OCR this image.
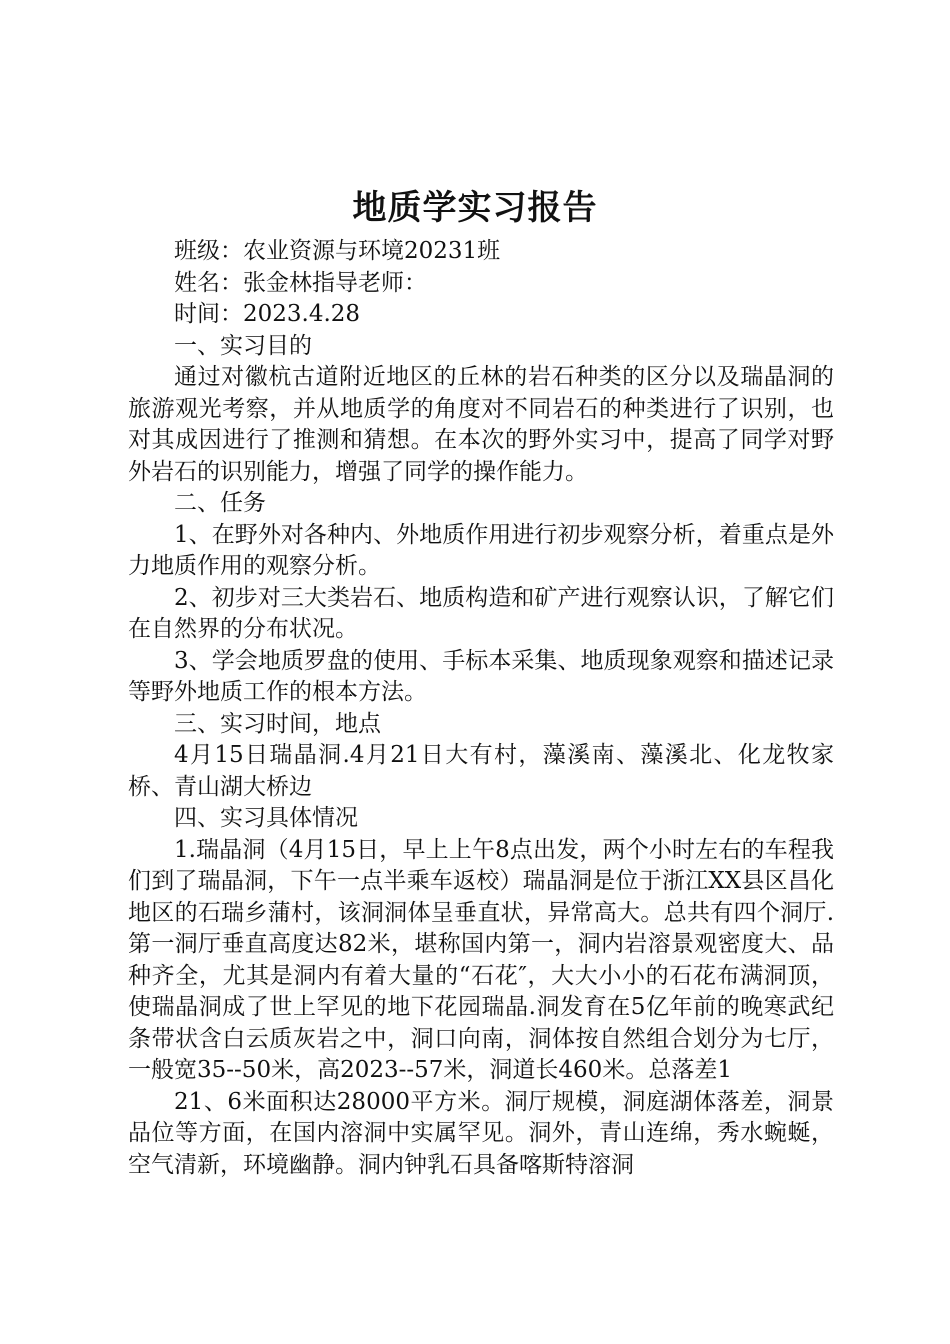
地质学实习报告

班级：农业资源与环境20231班

姓名：张金林指导老师：

时间：2023.4.28

一、实习目的

通过对徽杭古道附近地区的丘林的岩石种类的区分以及瑞晶洞的旅游观光考察，并从地质学的角度对不同岩石的种类进行了识别，也对其成因进行了推测和猜想。在本次的野外实习中，提高了同学对野外岩石的识别能力，增强了同学的操作能力。

二、任务

1、在野外对各种内、外地质作用进行初步观察分析，着重点是外力地质作用的观察分析。

2、初步对三大类岩石、地质构造和矿产进行观察认识，了解它们在自然界的分布状况。

3、学会地质罗盘的使用、手标本采集、地质现象观察和描述记录等野外地质工作的根本方法。

三、实习时间，地点

4月15日瑞晶洞.4月21日大有村，藻溪南、藻溪北、化龙牧家桥、青山湖大桥边

四、实习具体情况

1.瑞晶洞（4月15日，早上上午8点出发，两个小时左右的车程我们到了瑞晶洞，下午一点半乘车返校）瑞晶洞是位于浙江XX县区昌化地区的石瑞乡蒲村，该洞洞体呈垂直状，异常高大。总共有四个洞厅.第一洞厅垂直高度达82米，堪称国内第一，洞内岩溶景观密度大、品种齐全，尤其是洞内有着大量的“石花″，大大小小的石花布满洞顶，使瑞晶洞成了世上罕见的地下花园瑞晶.洞发育在5亿年前的晚寒武纪条带状含白云质灰岩之中，洞口向南，洞体按自然组合划分为七厅，一般宽35--50米，高2023--57米，洞道长460米。总落差1

21、6米面积达28000平方米。洞厅规模，洞庭湖体落差，洞景品位等方面，在国内溶洞中实属罕见。洞外，青山连绵，秀水蜿蜒，空气清新，环境幽静。洞内钟乳石具备喀斯特溶洞
